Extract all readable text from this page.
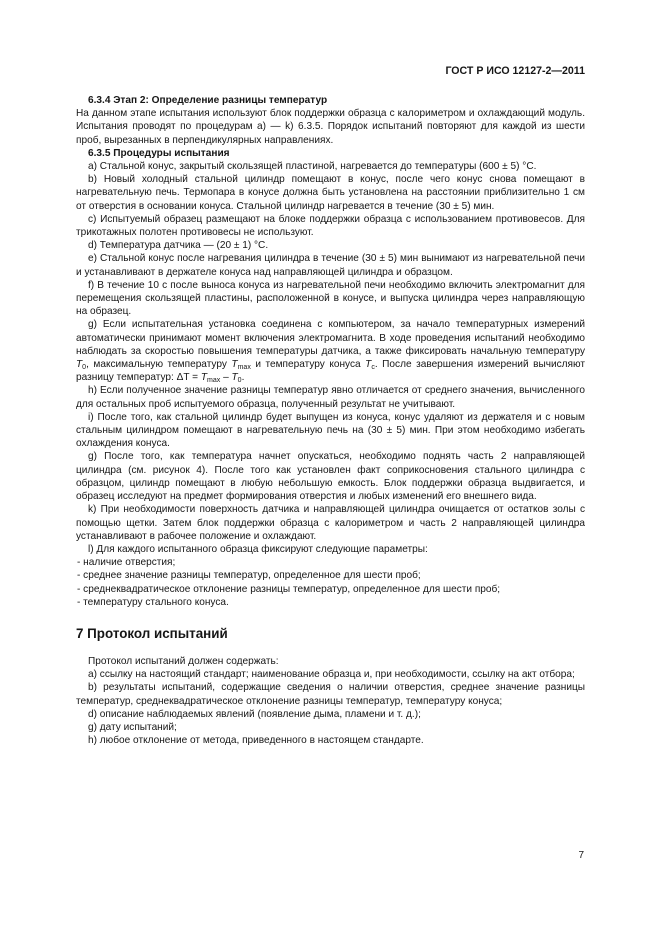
ГОСТ Р ИСО 12127-2—2011
6.3.4 Этап 2: Определение разницы температур

На данном этапе испытания используют блок поддержки образца с калориметром и охлаждающий модуль. Испытания проводят по процедурам а) — k) 6.3.5. Порядок испытаний повторяют для каждой из шести проб, вырезанных в перпендикулярных направлениях.

6.3.5 Процедуры испытания

а) Стальной конус, закрытый скользящей пластиной, нагревается до температуры (600 ± 5) °С.

b) Новый холодный стальной цилиндр помещают в конус, после чего конус снова помещают в нагревательную печь. Термопара в конусе должна быть установлена на расстоянии приблизительно 1 см от отверстия в основании конуса. Стальной цилиндр нагревается в течение (30 ± 5) мин.

с) Испытуемый образец размещают на блоке поддержки образца с использованием противовесов. Для трикотажных полотен противовесы не используют.

d) Температура датчика — (20 ± 1) °С.

е) Стальной конус после нагревания цилиндра в течение (30 ± 5) мин вынимают из нагревательной печи и устанавливают в держателе конуса над направляющей цилиндра и образцом.

f) В течение 10 с после выноса конуса из нагревательной печи необходимо включить электромагнит для перемещения скользящей пластины, расположенной в конусе, и выпуска цилиндра через направляющую на образец.

g) Если испытательная установка соединена с компьютером, за начало температурных измерений автоматически принимают момент включения электромагнита. В ходе проведения испытаний необходимо наблюдать за скоростью повышения температуры датчика, а также фиксировать начальную температуру $T_0$, максимальную температуру $T_{max}$ и температуру конуса $T_c$. После завершения измерений вычисляют разницу температур: $\Delta T = T_{max} - T_0$.

h) Если полученное значение разницы температур явно отличается от среднего значения, вычисленного для остальных проб испытуемого образца, полученный результат не учитывают.

i) После того, как стальной цилиндр будет выпущен из конуса, конус удаляют из держателя и с новым стальным цилиндром помещают в нагревательную печь на (30 ± 5) мин. При этом необходимо избегать охлаждения конуса.

g) После того, как температура начнет опускаться, необходимо поднять часть 2 направляющей цилиндра (см. рисунок 4). После того как установлен факт соприкосновения стального цилиндра с образцом, цилиндр помещают в любую небольшую емкость. Блок поддержки образца выдвигается, и образец исследуют на предмет формирования отверстия и любых изменений его внешнего вида.

k) При необходимости поверхность датчика и направляющей цилиндра очищается от остатков золы с помощью щетки. Затем блок поддержки образца с калориметром и часть 2 направляющей цилиндра устанавливают в рабочее положение и охлаждают.

l) Для каждого испытанного образца фиксируют следующие параметры:

- наличие отверстия;

- среднее значение разницы температур, определенное для шести проб;

- среднеквадратическое отклонение разницы температур, определенное для шести проб;

- температуру стального конуса.

7 Протокол испытаний

Протокол испытаний должен содержать:

а) ссылку на настоящий стандарт; наименование образца и, при необходимости, ссылку на акт отбора;

b) результаты испытаний, содержащие сведения о наличии отверстия, среднее значение разницы температур, среднеквадратическое отклонение разницы температур, температуру конуса;

d) описание наблюдаемых явлений (появление дыма, пламени и т. д.);

g) дату испытаний;

h) любое отклонение от метода, приведенного в настоящем стандарте.

7
